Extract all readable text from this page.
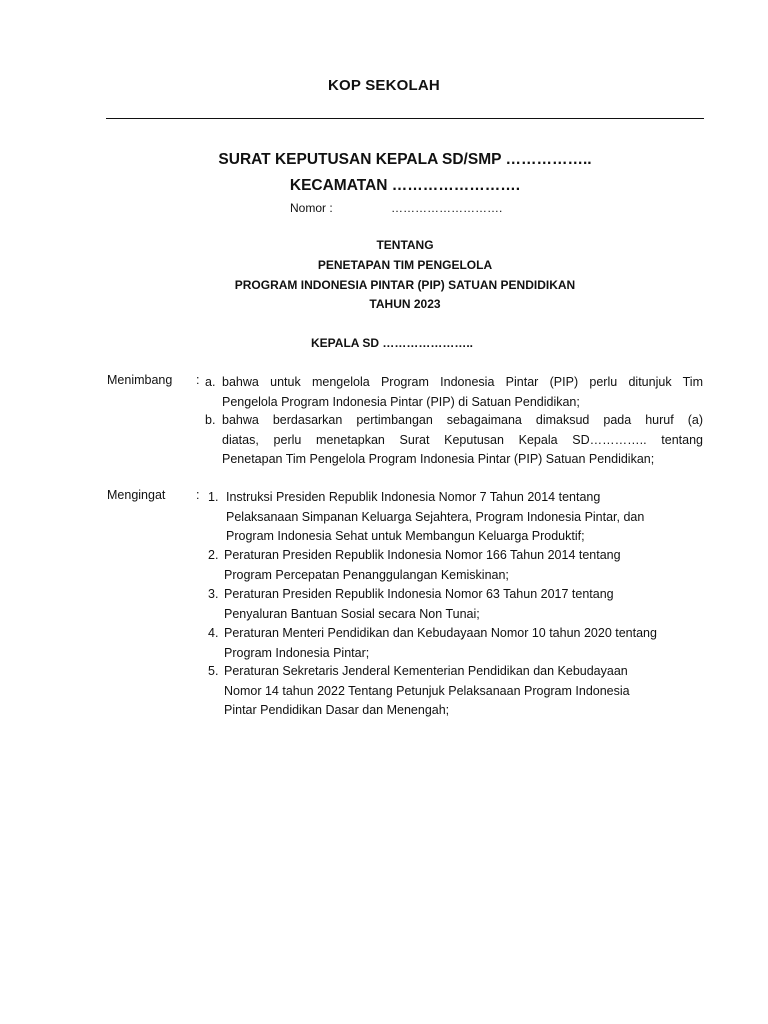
KOP SEKOLAH
SURAT KEPUTUSAN KEPALA SD/SMP ……………..
KECAMATAN …………………….
Nomor :	……………………….
TENTANG
PENETAPAN TIM PENGELOLA
PROGRAM INDONESIA PINTAR (PIP) SATUAN PENDIDIKAN
TAHUN 2023
KEPALA SD …………………..
Menimbang : a. bahwa untuk mengelola Program Indonesia Pintar (PIP) perlu ditunjuk Tim
Pengelola Program Indonesia Pintar (PIP) di Satuan Pendidikan;
b. bahwa berdasarkan pertimbangan sebagaimana dimaksud pada huruf (a)
diatas, perlu menetapkan Surat Keputusan Kepala SD………….. tentang
Penetapan Tim Pengelola Program Indonesia Pintar (PIP) Satuan Pendidikan;
Mengingat : 1. Instruksi Presiden Republik Indonesia Nomor 7 Tahun 2014 tentang
Pelaksanaan Simpanan Keluarga Sejahtera, Program Indonesia Pintar, dan
Program Indonesia Sehat untuk Membangun Keluarga Produktif;
2. Peraturan Presiden Republik Indonesia Nomor 166 Tahun 2014 tentang
Program Percepatan Penanggulangan Kemiskinan;
3. Peraturan Presiden Republik Indonesia Nomor 63 Tahun 2017 tentang
Penyaluran Bantuan Sosial secara Non Tunai;
4. Peraturan Menteri Pendidikan dan Kebudayaan Nomor 10 tahun 2020 tentang
Program Indonesia Pintar;
5. Peraturan Sekretaris Jenderal Kementerian Pendidikan dan Kebudayaan
Nomor 14 tahun 2022 Tentang Petunjuk Pelaksanaan Program Indonesia
Pintar Pendidikan Dasar dan Menengah;
